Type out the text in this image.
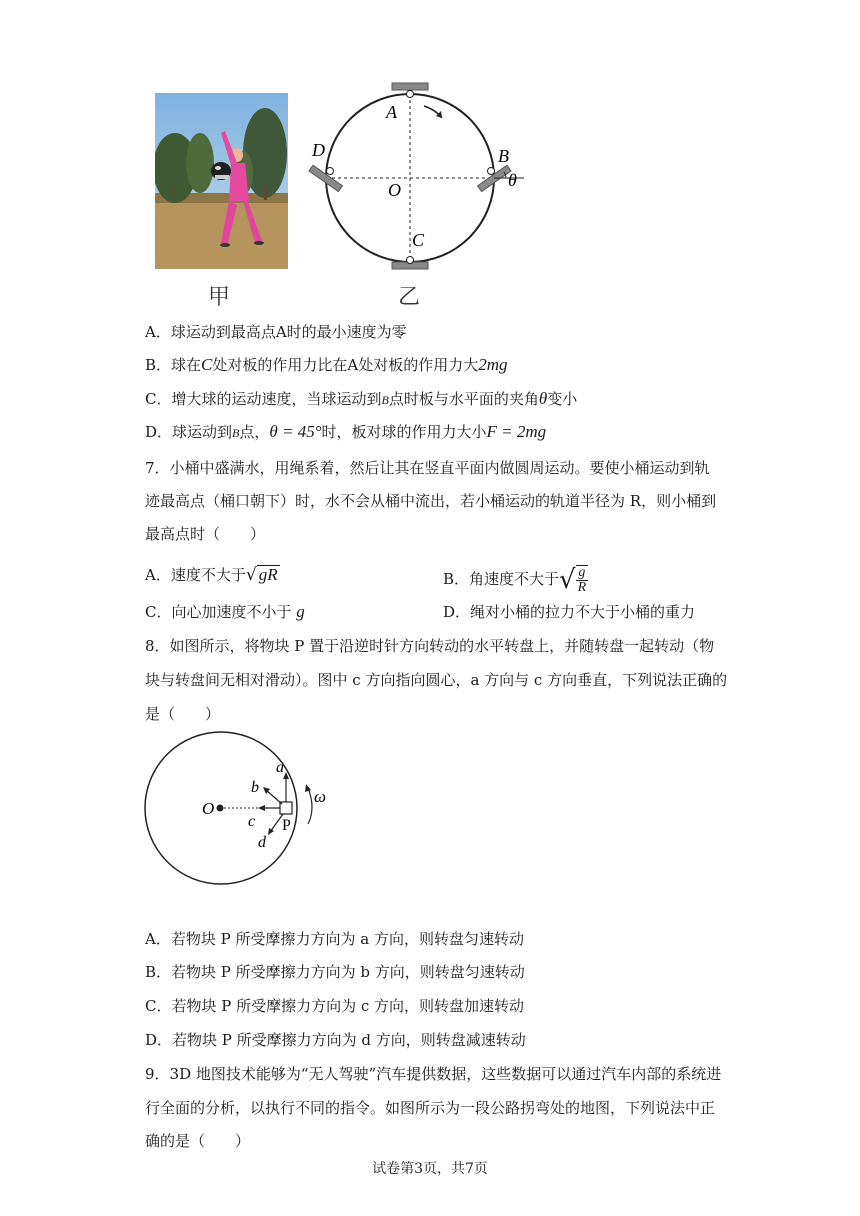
甲
A
B
C
D
O	θ
乙
A．球运动到最高点A时的最小速度为零
B．球在C处对板的作用力比在A处对板的作用力大2mg
C．增大球的运动速度，当球运动到B点时板与水平面的夹角θ变小
D．球运动到B点，θ = 45°时，板对球的作用力大小F = 2mg
7．小桶中盛满水，用绳系着，然后让其在竖直平面内做圆周运动。要使小桶运动到轨
迹最高点（桶口朝下）时，水不会从桶中流出，若小桶运动的轨道半径为 R，则小桶到
最高点时（　　）
A．速度不大于√ gR	B．角速度不大于√ $\frac{g}{R}$
C．向心加速度不小于 g	D．绳对小桶的拉力不大于小桶的重力
8．如图所示，将物块 P 置于沿逆时针方向转动的水平转盘上，并随转盘一起转动（物
块与转盘间无相对滑动）。图中 c 方向指向圆心，a 方向与 c 方向垂直，下列说法正确的
是（　　）
O
P
a
b
c
d
ω
A．若物块 P 所受摩擦力方向为 a 方向，则转盘匀速转动
B．若物块 P 所受摩擦力方向为 b 方向，则转盘匀速转动
C．若物块 P 所受摩擦力方向为 c 方向，则转盘加速转动
D．若物块 P 所受摩擦力方向为 d 方向，则转盘减速转动
9．3D 地图技术能够为“无人驾驶”汽车提供数据，这些数据可以通过汽车内部的系统进
行全面的分析，以执行不同的指令。如图所示为一段公路拐弯处的地图，下列说法中正
确的是（　　）
试卷第3页，共7页
